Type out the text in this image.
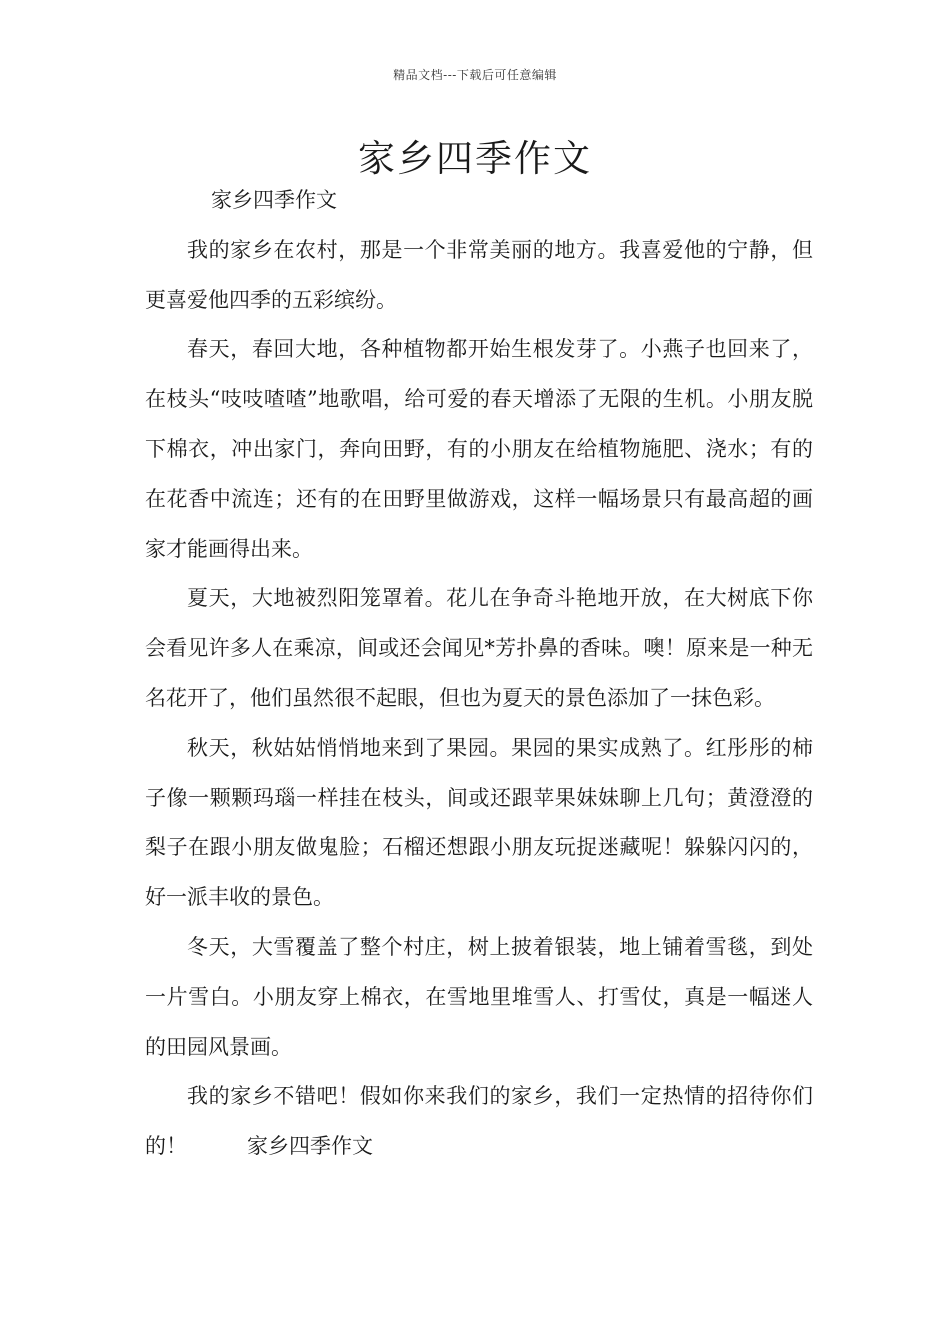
精品文档---下载后可任意编辑
家乡四季作文

家乡四季作文

我的家乡在农村，那是一个非常美丽的地方。我喜爱他的宁静，但更喜爱他四季的五彩缤纷。

春天，春回大地，各种植物都开始生根发芽了。小燕子也回来了，在枝头“吱吱喳喳”地歌唱，给可爱的春天增添了无限的生机。小朋友脱下棉衣，冲出家门，奔向田野，有的小朋友在给植物施肥、浇水；有的在花香中流连；还有的在田野里做游戏，这样一幅场景只有最高超的画家才能画得出来。

夏天，大地被烈阳笼罩着。花儿在争奇斗艳地开放，在大树底下你会看见许多人在乘凉，间或还会闻见*芳扑鼻的香味。噢！原来是一种无名花开了，他们虽然很不起眼，但也为夏天的景色添加了一抹色彩。

秋天，秋姑姑悄悄地来到了果园。果园的果实成熟了。红彤彤的柿子像一颗颗玛瑙一样挂在枝头，间或还跟苹果妹妹聊上几句；黄澄澄的梨子在跟小朋友做鬼脸；石榴还想跟小朋友玩捉迷藏呢！躲躲闪闪的，好一派丰收的景色。

冬天，大雪覆盖了整个村庄，树上披着银装，地上铺着雪毯，到处一片雪白。小朋友穿上棉衣，在雪地里堆雪人、打雪仗，真是一幅迷人的田园风景画。

我的家乡不错吧！假如你来我们的家乡，我们一定热情的招待你们的！	家乡四季作文
